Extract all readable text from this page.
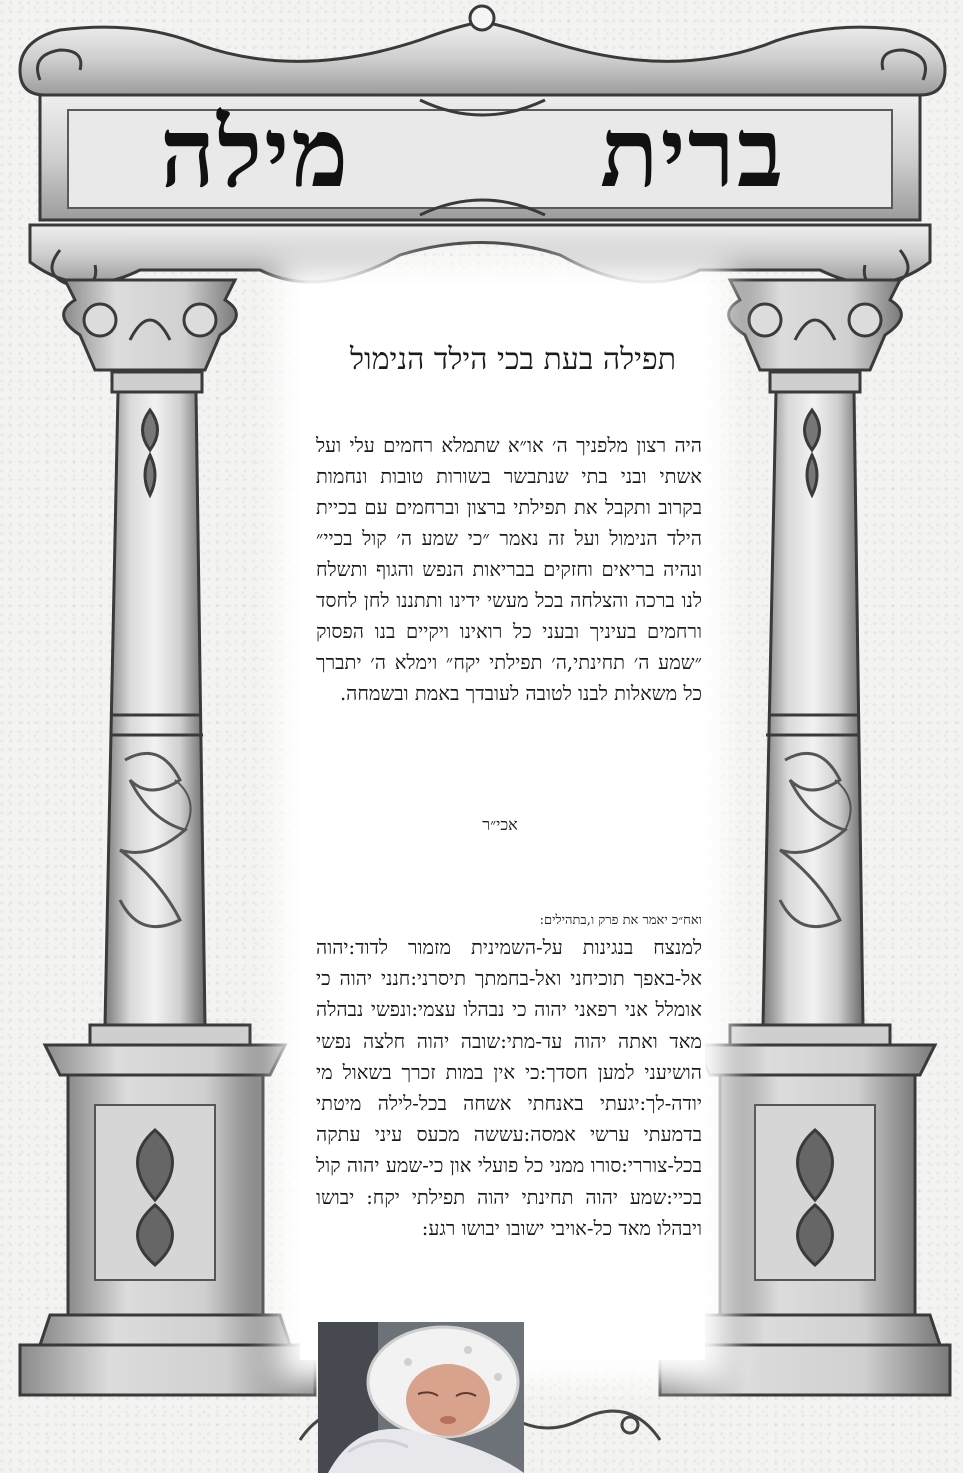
ברית
מילה
תפילה בעת בכי הילד הנימול
היה רצון מלפניך ה׳ או״א שתמלא רחמים עלי ועל אשתי ובני בתי שנתבשר בשורות טובות ונחמות בקרוב ותקבל את תפילתי ברצון וברחמים עם בכיית הילד הנימול ועל זה נאמר ״כי שמע ה׳ קול בכיי״ ונהיה בריאים וחזקים בבריאות הנפש והגוף ותשלח לנו ברכה והצלחה בכל מעשי ידינו ותתננו לחן לחסד ורחמים בעיניך ובעני כל רואינו ויקיים בנו הפסוק ״שמע ה׳ תחינתי,ה׳ תפילתי יקח״ וימלא ה׳ יתברך כל משאלות לבנו לטובה לעובדך באמת ובשמחה.
אכי״ר
ואח״כ יאמר את פרק ו,בתהילים:
למנצח בנגינות על-השמינית מזמור לדוד:יהוה אל-באפך תוכיחני ואל-בחמתך תיסרני:חנני יהוה כי אומלל אני רפאני יהוה כי נבהלו עצמי:ונפשי נבהלה מאד ואתה יהוה עד-מתי:שובה יהוה חלצה נפשי הושיעני למען חסדך:כי אין במות זכרך בשאול מי יודה-לך:יגעתי באנחתי אשחה בכל-לילה מיטתי בדמעתי ערשי אמסה:עששה מכעס עיני עתקה בכל-צוררי:סורו ממני כל פועלי און כי-שמע יהוה קול בכיי:שמע יהוה תחינתי יהוה תפילתי יקח: יבושו ויבהלו מאד כל-אויבי ישובו יבושו רגע:
